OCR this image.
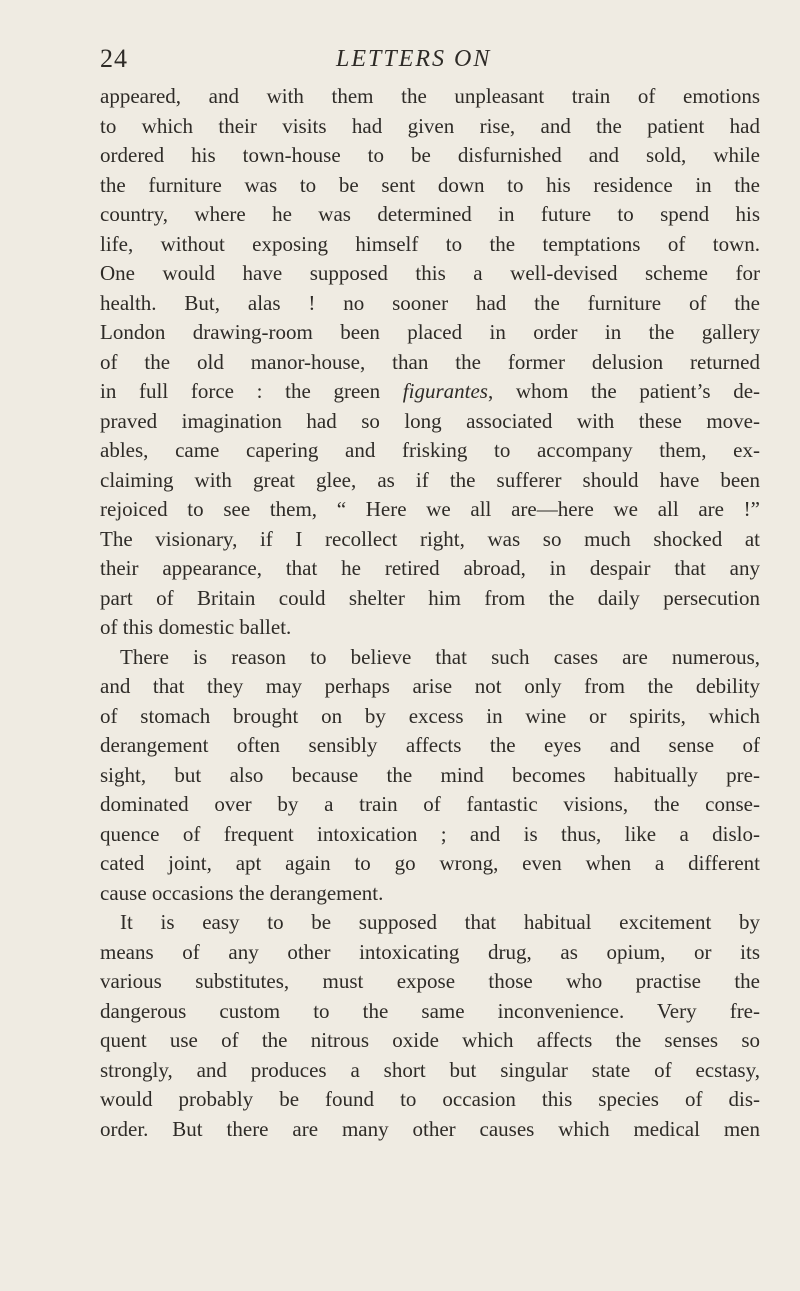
24	LETTERS ON
appeared, and with them the unpleasant train of emotions
to which their visits had given rise, and the patient had
ordered his town-house to be disfurnished and sold, while
the furniture was to be sent down to his residence in the
country, where he was determined in future to spend his
life, without exposing himself to the temptations of town.
One would have supposed this a well-devised scheme for
health. But, alas ! no sooner had the furniture of the
London drawing-room been placed in order in the gallery
of the old manor-house, than the former delusion returned
in full force : the green figurantes, whom the patient’s de-
praved imagination had so long associated with these move-
ables, came capering and frisking to accompany them, ex-
claiming with great glee, as if the sufferer should have been
rejoiced to see them, “ Here we all are—here we all are !”
The visionary, if I recollect right, was so much shocked at
their appearance, that he retired abroad, in despair that any
part of Britain could shelter him from the daily persecution
of this domestic ballet.
There is reason to believe that such cases are numerous,
and that they may perhaps arise not only from the debility
of stomach brought on by excess in wine or spirits, which
derangement often sensibly affects the eyes and sense of
sight, but also because the mind becomes habitually pre-
dominated over by a train of fantastic visions, the conse-
quence of frequent intoxication ; and is thus, like a dislo-
cated joint, apt again to go wrong, even when a different
cause occasions the derangement.
It is easy to be supposed that habitual excitement by
means of any other intoxicating drug, as opium, or its
various substitutes, must expose those who practise the
dangerous custom to the same inconvenience. Very fre-
quent use of the nitrous oxide which affects the senses so
strongly, and produces a short but singular state of ecstasy,
would probably be found to occasion this species of dis-
order. But there are many other causes which medical men
